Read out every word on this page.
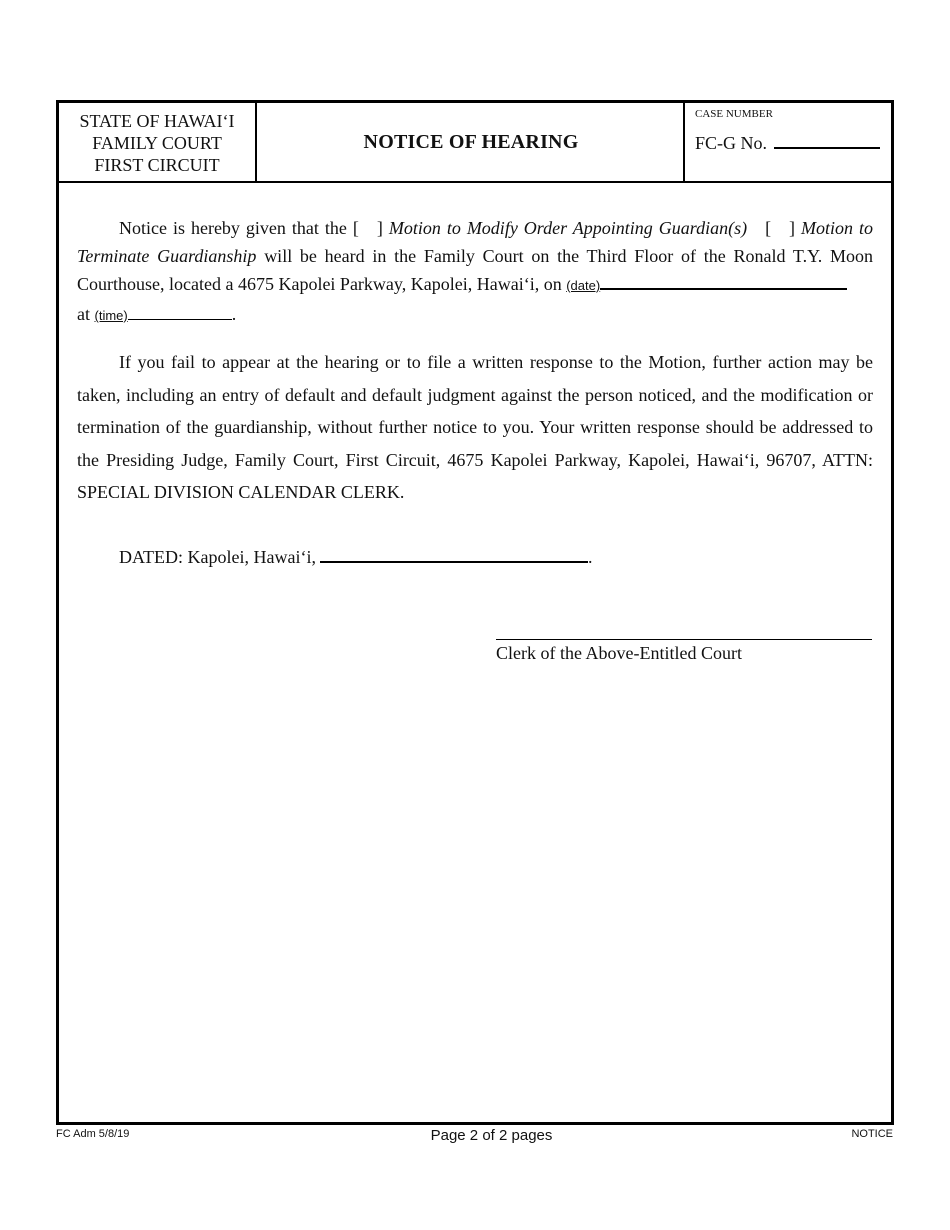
STATE OF HAWAI‘I
FAMILY COURT
FIRST CIRCUIT
NOTICE OF HEARING
CASE NUMBER
FC-G No.
Notice is hereby given that the [   ] Motion to Modify Order Appointing Guardian(s) [   ] Motion to Terminate Guardianship will be heard in the Family Court on the Third Floor of the Ronald T.Y. Moon Courthouse, located a 4675 Kapolei Parkway, Kapolei, Hawai‘i, on (date)
at (time)	.
If you fail to appear at the hearing or to file a written response to the Motion, further action may be taken, including an entry of default and default judgment against the person noticed, and the modification or termination of the guardianship, without further notice to you. Your written response should be addressed to the Presiding Judge, Family Court, First Circuit, 4675 Kapolei Parkway, Kapolei, Hawai‘i, 96707, ATTN: SPECIAL DIVISION CALENDAR CLERK.
DATED: Kapolei, Hawai‘i,	.
Clerk of the Above-Entitled Court
FC Adm 5/8/19	Page 2 of 2 pages	NOTICE
